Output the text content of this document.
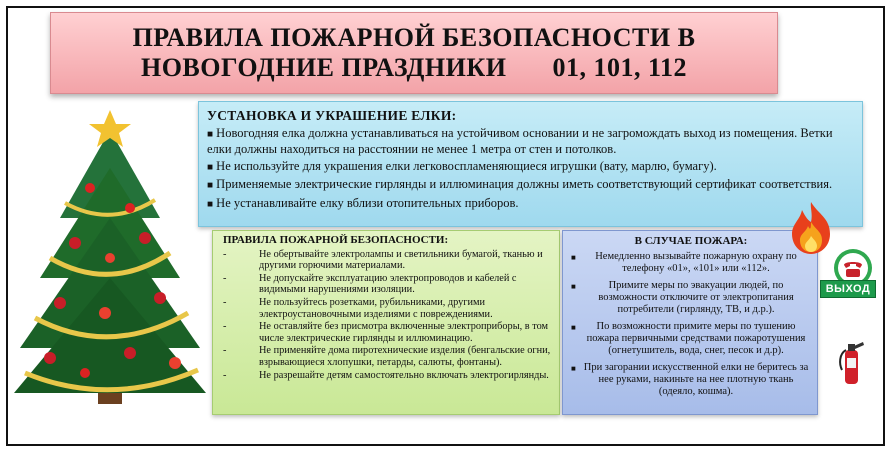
ПРАВИЛА ПОЖАРНОЙ БЕЗОПАСНОСТИ В
НОВОГОДНИЕ ПРАЗДНИКИ 01, 101, 112
УСТАНОВКА И УКРАШЕНИЕ ЕЛКИ:

■ Новогодняя елка должна устанавливаться на устойчивом основании и не загромождать выход из помещения. Ветки елки должны находиться на расстоянии не менее 1 метра от стен и потолков.

■ Не используйте для украшения елки легковоспламеняющиеся игрушки (вату, марлю, бумагу).

■ Применяемые электрические гирлянды и иллюминация должны иметь соответствующий сертификат соответствия.

■ Не устанавливайте елку вблизи отопительных приборов.

ПРАВИЛА ПОЖАРНОЙ БЕЗОПАСНОСТИ:
-	Не обертывайте электролампы и светильники бумагой, тканью и другими горючими материалами.
-	Не допускайте эксплуатацию электропроводов и кабелей с видимыми нарушениями изоляции.
-	Не пользуйтесь розетками, рубильниками, другими электроустановочными изделиями с повреждениями.
-	Не оставляйте без присмотра включенные электроприборы, в том числе электрические гирлянды и иллюминацию.
-	Не применяйте дома пиротехнические изделия (бенгальские огни, взрывающиеся хлопушки, петарды, салюты, фонтаны).
-	Не разрешайте детям самостоятельно включать электрогирлянды.
В СЛУЧАЕ ПОЖАРА:
■	Немедленно вызывайте пожарную охрану по телефону «01», «101» или «112».
■	Примите меры по эвакуации людей, по возможности отключите от электропитания потребители (гирлянду, ТВ, и д.р.).
■	По возможности примите меры по тушению пожара первичными средствами пожаротушения (огнетушитель, вода, снег, песок и д.р).
■ При загорании искусственной елки не беритесь за нее руками, накиньте на нее плотную ткань (одеяло, кошма).
ВЫХОД
